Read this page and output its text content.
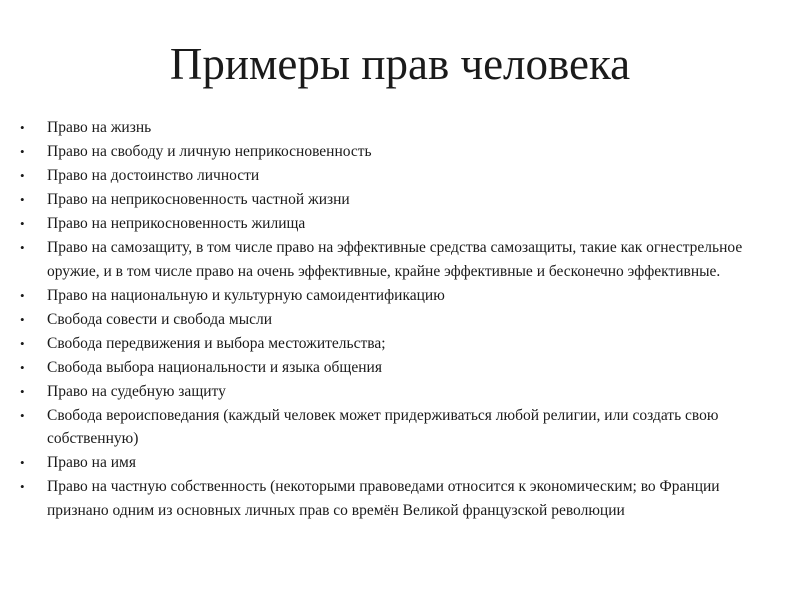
Примеры прав человека
•	Право на жизнь
•	Право на свободу и личную неприкосновенность
•	Право на достоинство личности
•	Право на неприкосновенность частной жизни
•	Право на неприкосновенность жилища
•	Право на самозащиту, в том числе право на эффективные средства самозащиты, такие как огнестрельное оружие, и в том числе право на очень эффективные, крайне эффективные и бесконечно эффективные.
•	Право на национальную и культурную самоидентификацию
•	Свобода совести и свобода мысли
•	Свобода передвижения и выбора местожительства;
•	Свобода выбора национальности и языка общения
•	Право на судебную защиту
•	Свобода вероисповедания (каждый человек может придерживаться любой религии, или создать свою собственную)
•	Право на имя
•	Право на частную собственность (некоторыми правоведами относится к экономическим; во Франции признано одним из основных личных прав со времён Великой французской революции
